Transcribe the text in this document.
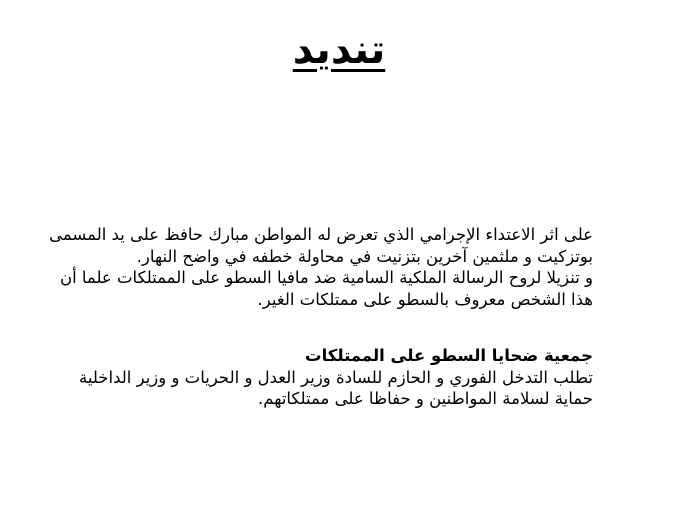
تنديد
على اثر الاعتداء الإجرامي الذي تعرض له المواطن مبارك حافظ على يد المسمى
بوتزكيت و ملثمين آخرين بتزنيت في محاولة خطفه في واضح النهار.
و تنزيلا لروح الرسالة الملكية السامية ضد مافيا السطو على الممتلكات علما أن
هذا الشخص معروف بالسطو على ممتلكات الغير.
جمعية ضحايا السطو على الممتلكات
تطلب التدخل الفوري و الحازم للسادة وزير العدل و الحريات و وزير الداخلية
حماية لسلامة المواطنين و حفاظا على ممتلكاتهم.
